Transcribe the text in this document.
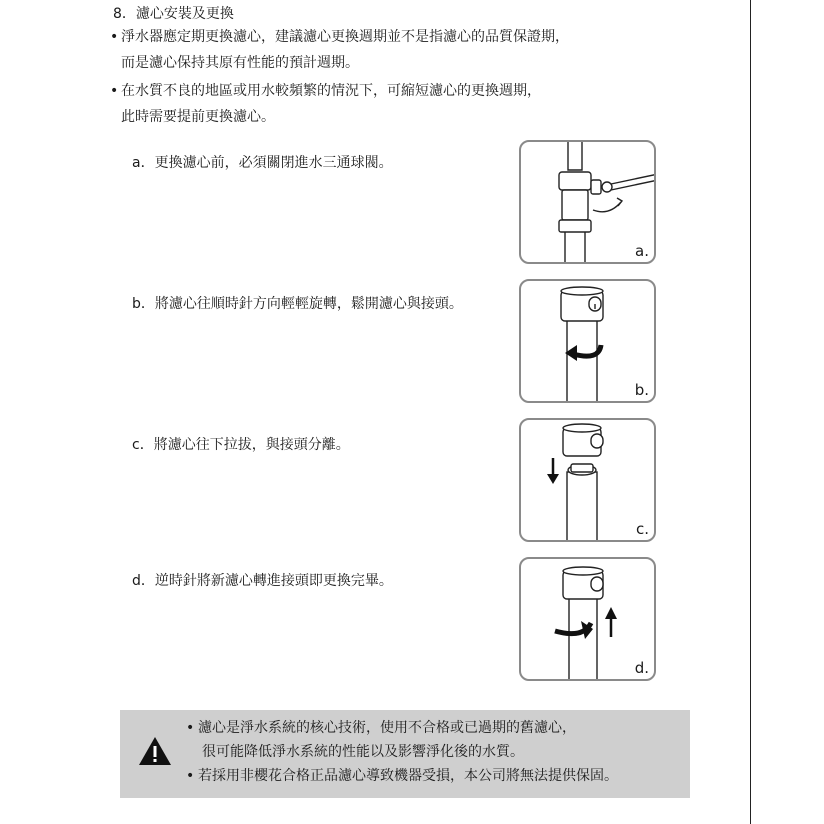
8．濾心安裝及更換
• 淨水器應定期更換濾心，建議濾心更換週期並不是指濾心的品質保證期，
而是濾心保持其原有性能的預計週期。
• 在水質不良的地區或用水較頻繁的情況下，可縮短濾心的更換週期，
此時需要提前更換濾心。
a．更換濾心前，必須關閉進水三通球閥。
a.
b．將濾心往順時針方向輕輕旋轉，鬆開濾心與接頭。
b.
c．將濾心往下拉拔，與接頭分離。
c.
d．逆時針將新濾心轉進接頭即更換完畢。
d.
• 濾心是淨水系統的核心技術，使用不合格或已過期的舊濾心，
很可能降低淨水系統的性能以及影響淨化後的水質。
• 若採用非櫻花合格正品濾心導致機器受損，本公司將無法提供保固。
